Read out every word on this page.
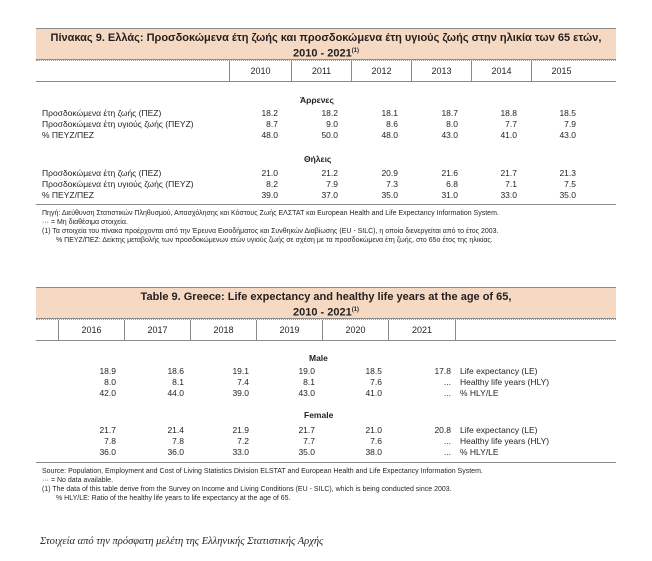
Πίνακας 9. Ελλάς: Προσδοκώμενα έτη ζωής και προσδοκώμενα έτη υγιούς ζωής στην ηλικία των 65 ετών,
2010 - 2021$^{(1)}$
2010	2011	2012	2013	2014	2015
Άρρενες
Προσδοκώμενα έτη ζωής (ΠΕΖ)	18.2	18.2	18.1	18.7	18.8	18.5
Προσδοκώμενα έτη υγιούς ζωής (ΠΕΥΖ)	8.7	9.0	8.6	8.0	7.7	7.9
% ΠΕΥΖ/ΠΕΖ	48.0	50.0	48.0	43.0	41.0	43.0
Θήλεις
Προσδοκώμενα έτη ζωής (ΠΕΖ)	21.0	21.2	20.9	21.6	21.7	21.3
Προσδοκώμενα έτη υγιούς ζωής (ΠΕΥΖ)	8.2	7.9	7.3	6.8	7.1	7.5
% ΠΕΥΖ/ΠΕΖ	39.0	37.0	35.0	31.0	33.0	35.0
Πηγή: Διεύθυνση Στατιστικών Πληθυσμού, Απασχόλησης και Κόστους Ζωής ΕΛΣΤΑΤ και European Health and Life Expectancy Information System.
··· = Μη διαθέσιμα στοιχεία.
(1) Τα στοιχεία του πίνακα προέρχονται από την Έρευνα Εισοδήματος και Συνθηκών Διαβίωσης (EU - SILC), η οποία διενεργείται από το έτος 2003.
% ΠΕΥΖ/ΠΕΖ: Δείκτης μεταβολής των προσδοκώμενων ετών υγιούς ζωής σε σχέση με τα προσδοκώμενα έτη ζωής, στο 65ο έτος της ηλικίας.
Table 9. Greece: Life expectancy and healthy life years at the age of 65,
2010 - 2021$^{(1)}$
2016	2017	2018	2019	2020	2021
Male
18.9	18.6	19.1	19.0	18.5	17.8 Life expectancy (LE)
8.0	8.1	7.4	8.1	7.6	... Healthy life years (HLY)
42.0	44.0	39.0	43.0	41.0	... % HLY/LE
Female
21.7	21.4	21.9	21.7	21.0	20.8 Life expectancy (LE)
7.8	7.8	7.2	7.7	7.6	... Healthy life years (HLY)
36.0	36.0	33.0	35.0	38.0	... % HLY/LE
Source: Population, Employment and Cost of Living Statistics Division ELSTAT and European Health and Life Expectancy Information System.
··· = No data available.
(1) The data of this table derive from the Survey on Income and Living Conditions (EU - SILC), which is being conducted since 2003.
% HLY/LE: Ratio of the healthy life years to life expectancy at the age of 65.
Στοιχεία από την πρόσφατη μελέτη της Ελληνικής Στατιστικής Αρχής
